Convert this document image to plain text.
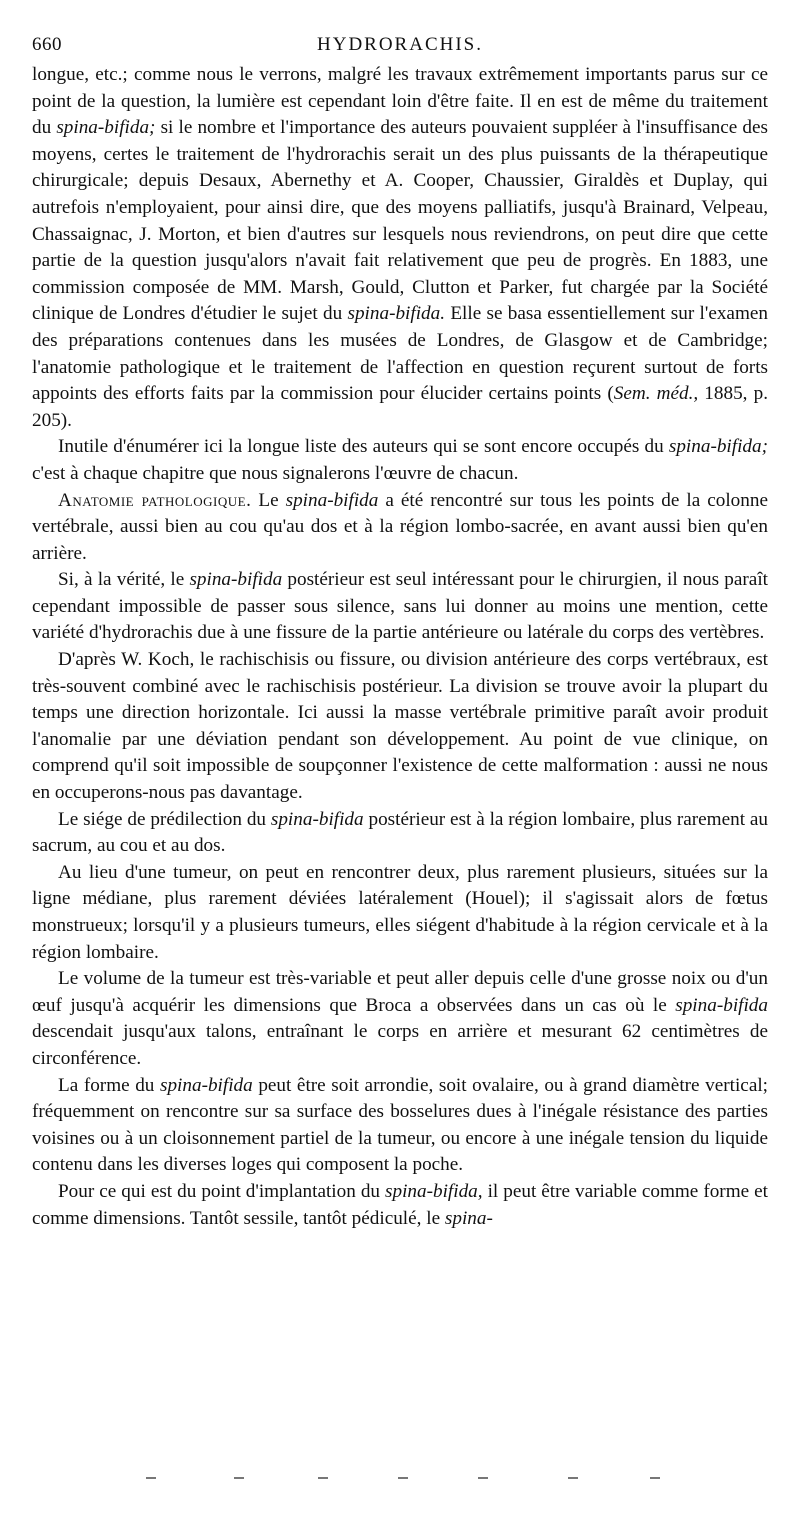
660	HYDRORACHIS.

longue, etc.; comme nous le verrons, malgré les travaux extrêmement importants parus sur ce point de la question, la lumière est cependant loin d'être faite. Il en est de même du traitement du spina-bifida; si le nombre et l'importance des auteurs pouvaient suppléer à l'insuffisance des moyens, certes le traitement de l'hydrorachis serait un des plus puissants de la thérapeutique chirurgicale; depuis Desaux, Abernethy et A. Cooper, Chaussier, Giraldès et Duplay, qui autrefois n'employaient, pour ainsi dire, que des moyens palliatifs, jusqu'à Brainard, Velpeau, Chassaignac, J. Morton, et bien d'autres sur lesquels nous reviendrons, on peut dire que cette partie de la question jusqu'alors n'avait fait relativement que peu de progrès. En 1883, une commission composée de MM. Marsh, Gould, Clutton et Parker, fut chargée par la Société clinique de Londres d'étudier le sujet du spina-bifida. Elle se basa essentiellement sur l'examen des préparations contenues dans les musées de Londres, de Glasgow et de Cambridge; l'anatomie pathologique et le traitement de l'affection en question reçurent surtout de forts appoints des efforts faits par la commission pour élucider certains points (Sem. méd., 1885, p. 205).

Inutile d'énumérer ici la longue liste des auteurs qui se sont encore occupés du spina-bifida; c'est à chaque chapitre que nous signalerons l'œuvre de chacun.

Anatomie pathologique. Le spina-bifida a été rencontré sur tous les points de la colonne vertébrale, aussi bien au cou qu'au dos et à la région lombo-sacrée, en avant aussi bien qu'en arrière.

Si, à la vérité, le spina-bifida postérieur est seul intéressant pour le chirurgien, il nous paraît cependant impossible de passer sous silence, sans lui donner au moins une mention, cette variété d'hydrorachis due à une fissure de la partie antérieure ou latérale du corps des vertèbres.

D'après W. Koch, le rachischisis ou fissure, ou division antérieure des corps vertébraux, est très-souvent combiné avec le rachischisis postérieur. La division se trouve avoir la plupart du temps une direction horizontale. Ici aussi la masse vertébrale primitive paraît avoir produit l'anomalie par une déviation pendant son développement. Au point de vue clinique, on comprend qu'il soit impossible de soupçonner l'existence de cette malformation : aussi ne nous en occuperons-nous pas davantage.

Le siége de prédilection du spina-bifida postérieur est à la région lombaire, plus rarement au sacrum, au cou et au dos.

Au lieu d'une tumeur, on peut en rencontrer deux, plus rarement plusieurs, situées sur la ligne médiane, plus rarement déviées latéralement (Houel); il s'agissait alors de fœtus monstrueux; lorsqu'il y a plusieurs tumeurs, elles siégent d'habitude à la région cervicale et à la région lombaire.

Le volume de la tumeur est très-variable et peut aller depuis celle d'une grosse noix ou d'un œuf jusqu'à acquérir les dimensions que Broca a observées dans un cas où le spina-bifida descendait jusqu'aux talons, entraînant le corps en arrière et mesurant 62 centimètres de circonférence.

La forme du spina-bifida peut être soit arrondie, soit ovalaire, ou à grand diamètre vertical; fréquemment on rencontre sur sa surface des bosselures dues à l'inégale résistance des parties voisines ou à un cloisonnement partiel de la tumeur, ou encore à une inégale tension du liquide contenu dans les diverses loges qui composent la poche.

Pour ce qui est du point d'implantation du spina-bifida, il peut être variable comme forme et comme dimensions. Tantôt sessile, tantôt pédiculé, le spina-
